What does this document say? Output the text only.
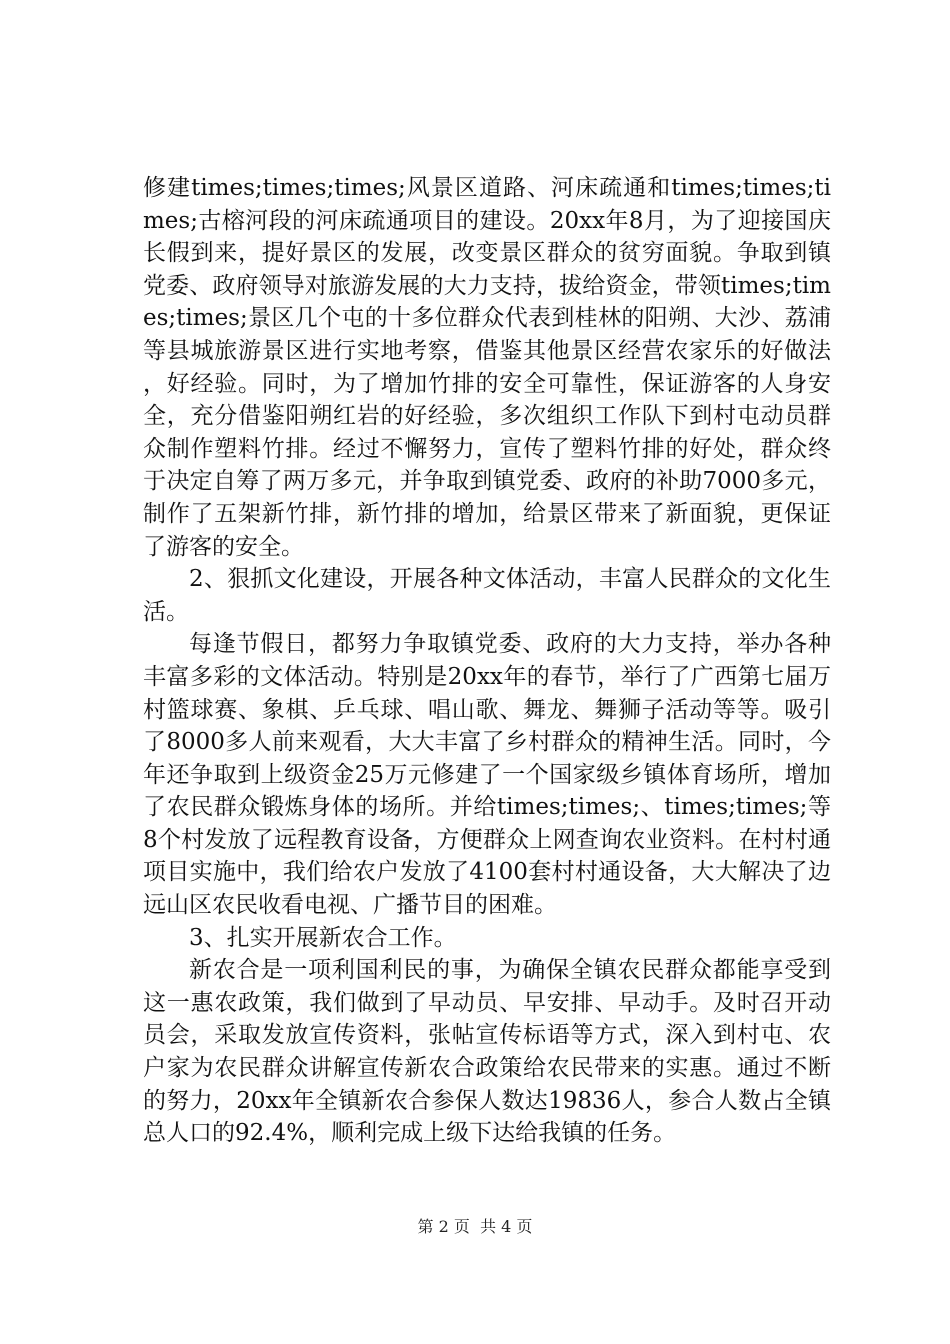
修建times;times;times;风景区道路、河床疏通和times;times;times;古榕河段的河床疏通项目的建设。20xx年8月，为了迎接国庆长假到来，提好景区的发展，改变景区群众的贫穷面貌。争取到镇党委、政府领导对旅游发展的大力支持，拔给资金，带领times;times;times;景区几个屯的十多位群众代表到桂林的阳朔、大沙、荔浦等县城旅游景区进行实地考察，借鉴其他景区经营农家乐的好做法，好经验。同时，为了增加竹排的安全可靠性，保证游客的人身安全，充分借鉴阳朔红岩的好经验，多次组织工作队下到村屯动员群众制作塑料竹排。经过不懈努力，宣传了塑料竹排的好处，群众终于决定自筹了两万多元，并争取到镇党委、政府的补助7000多元，制作了五架新竹排，新竹排的增加，给景区带来了新面貌，更保证了游客的安全。

2、狠抓文化建设，开展各种文体活动，丰富人民群众的文化生活。

每逢节假日，都努力争取镇党委、政府的大力支持，举办各种丰富多彩的文体活动。特别是20xx年的春节，举行了广西第七届万村篮球赛、象棋、乒乓球、唱山歌、舞龙、舞狮子活动等等。吸引了8000多人前来观看，大大丰富了乡村群众的精神生活。同时，今年还争取到上级资金25万元修建了一个国家级乡镇体育场所，增加了农民群众锻炼身体的场所。并给times;times;、times;times;等8个村发放了远程教育设备，方便群众上网查询农业资料。在村村通项目实施中，我们给农户发放了4100套村村通设备，大大解决了边远山区农民收看电视、广播节目的困难。

3、扎实开展新农合工作。

新农合是一项利国利民的事，为确保全镇农民群众都能享受到这一惠农政策，我们做到了早动员、早安排、早动手。及时召开动员会，采取发放宣传资料，张帖宣传标语等方式，深入到村屯、农户家为农民群众讲解宣传新农合政策给农民带来的实惠。通过不断的努力，20xx年全镇新农合参保人数达19836人，参合人数占全镇总人口的92.4%，顺利完成上级下达给我镇的任务。

第 2 页  共 4 页
